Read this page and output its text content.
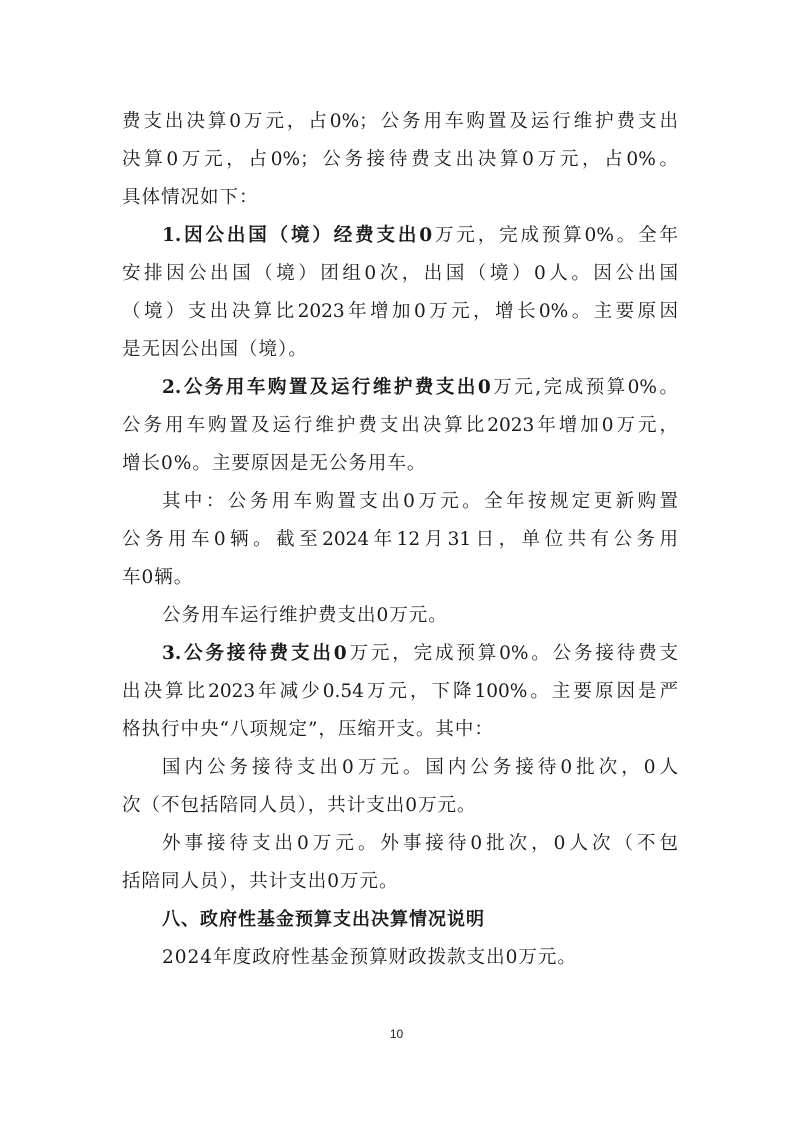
费支出决算0万元，占0%；公务用车购置及运行维护费支出
决算0万元，占0%；公务接待费支出决算0万元，占0%。
具体情况如下：
1.因公出国（境）经费支出0万元，完成预算0%。全年
安排因公出国（境）团组0次，出国（境）0人。因公出国
（境）支出决算比2023年增加0万元，增长0%。主要原因
是无因公出国（境）。
2.公务用车购置及运行维护费支出0万元,完成预算0%。
公务用车购置及运行维护费支出决算比2023年增加0万元，
增长0%。主要原因是无公务用车。
其中：公务用车购置支出0万元。全年按规定更新购置
公务用车0辆。截至2024年12月31日，单位共有公务用
车0辆。
公务用车运行维护费支出0万元。
3.公务接待费支出0万元，完成预算0%。公务接待费支
出决算比2023年减少0.54万元，下降100%。主要原因是严
格执行中央“八项规定”，压缩开支。其中：
国内公务接待支出0万元。国内公务接待0批次，0人
次（不包括陪同人员），共计支出0万元。
外事接待支出0万元。外事接待0批次，0人次（不包
括陪同人员），共计支出0万元。
八、政府性基金预算支出决算情况说明
2024年度政府性基金预算财政拨款支出0万元。
10
